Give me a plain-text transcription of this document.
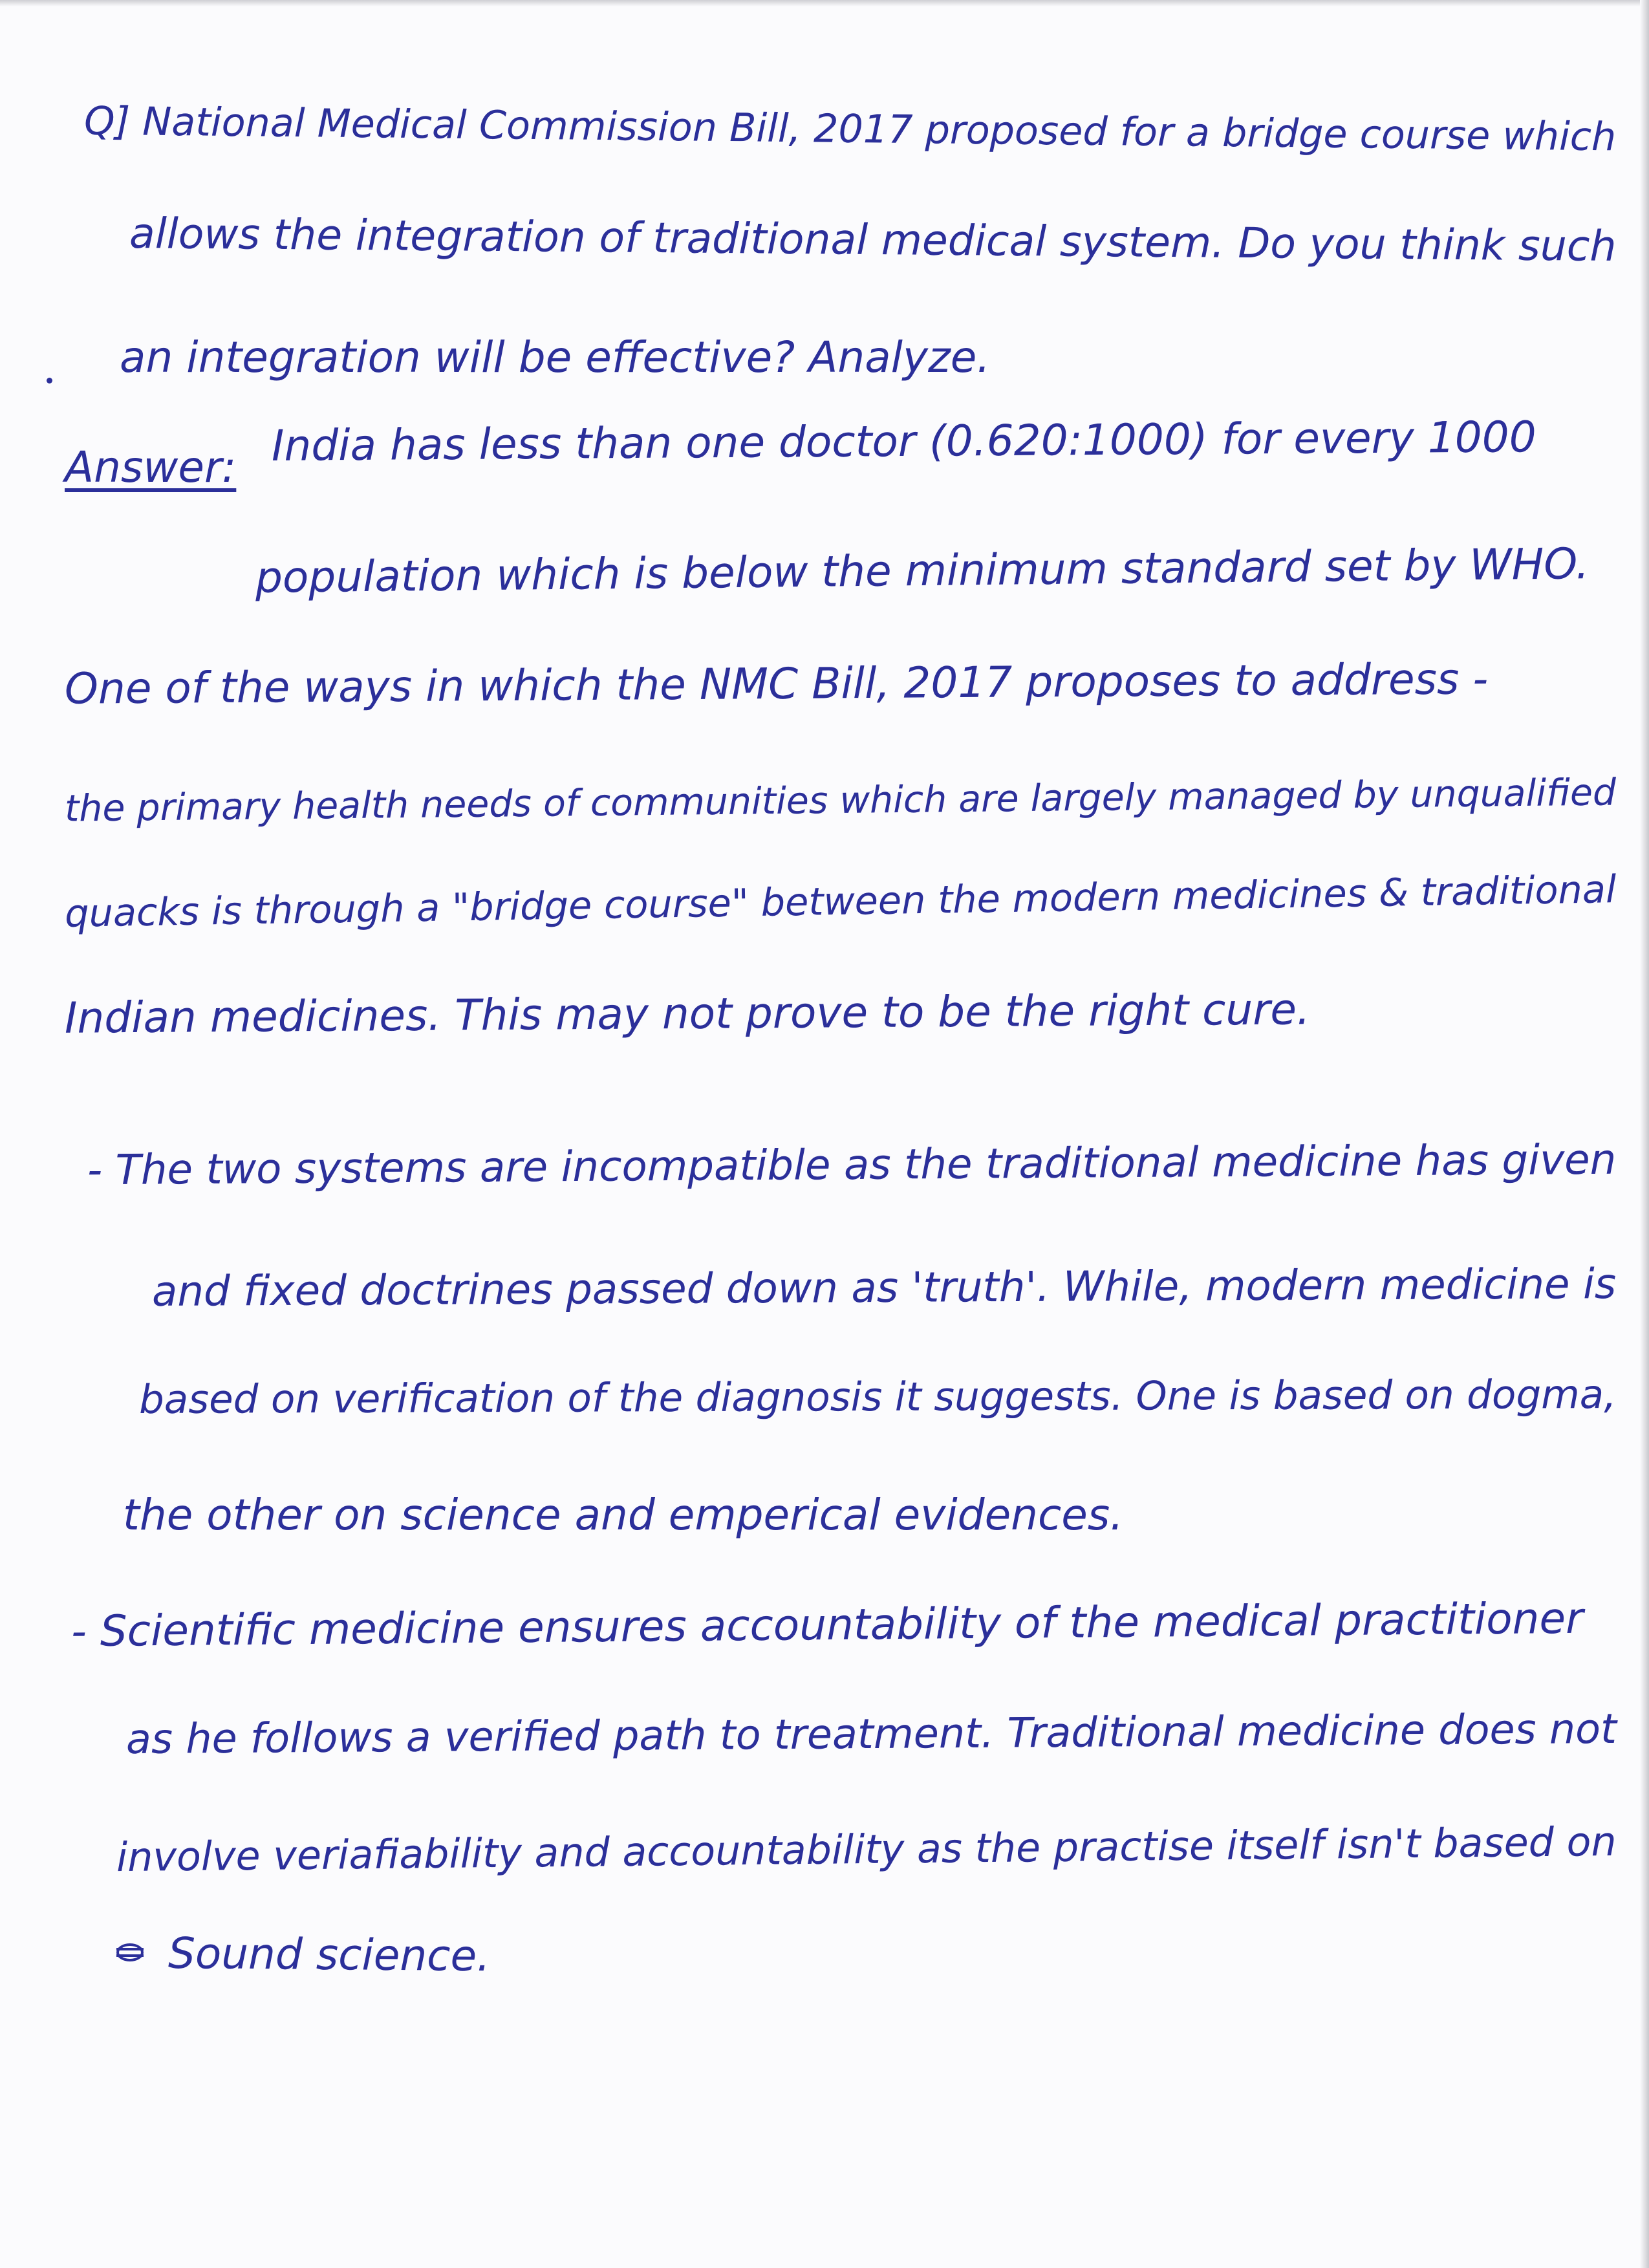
Q] National Medical Commission Bill, 2017 proposed for a bridge course which

allows the integration of traditional medical system. Do you think such

an integration will be effective? Analyze.

Answer: India has less than one doctor (0.620:1000) for every 1000

population which is below the minimum standard set by WHO.

One of the ways in which the NMC Bill, 2017 proposes to address -

the primary health needs of communities which are largely managed by unqualified

quacks is through a "bridge course" between the modern medicines & traditional

Indian medicines. This may not prove to be the right cure.

- The two systems are incompatible as the traditional medicine has given

and fixed doctrines passed down as 'truth'. While, modern medicine is

based on verification of the diagnosis it suggests. One is based on dogma,

the other on science and emperical evidences.

- Scientific medicine ensures accountability of the medical practitioner

as he follows a verified path to treatment. Traditional medicine does not

involve veriafiability and accountability as the practise itself isn't based on

Sound science.
